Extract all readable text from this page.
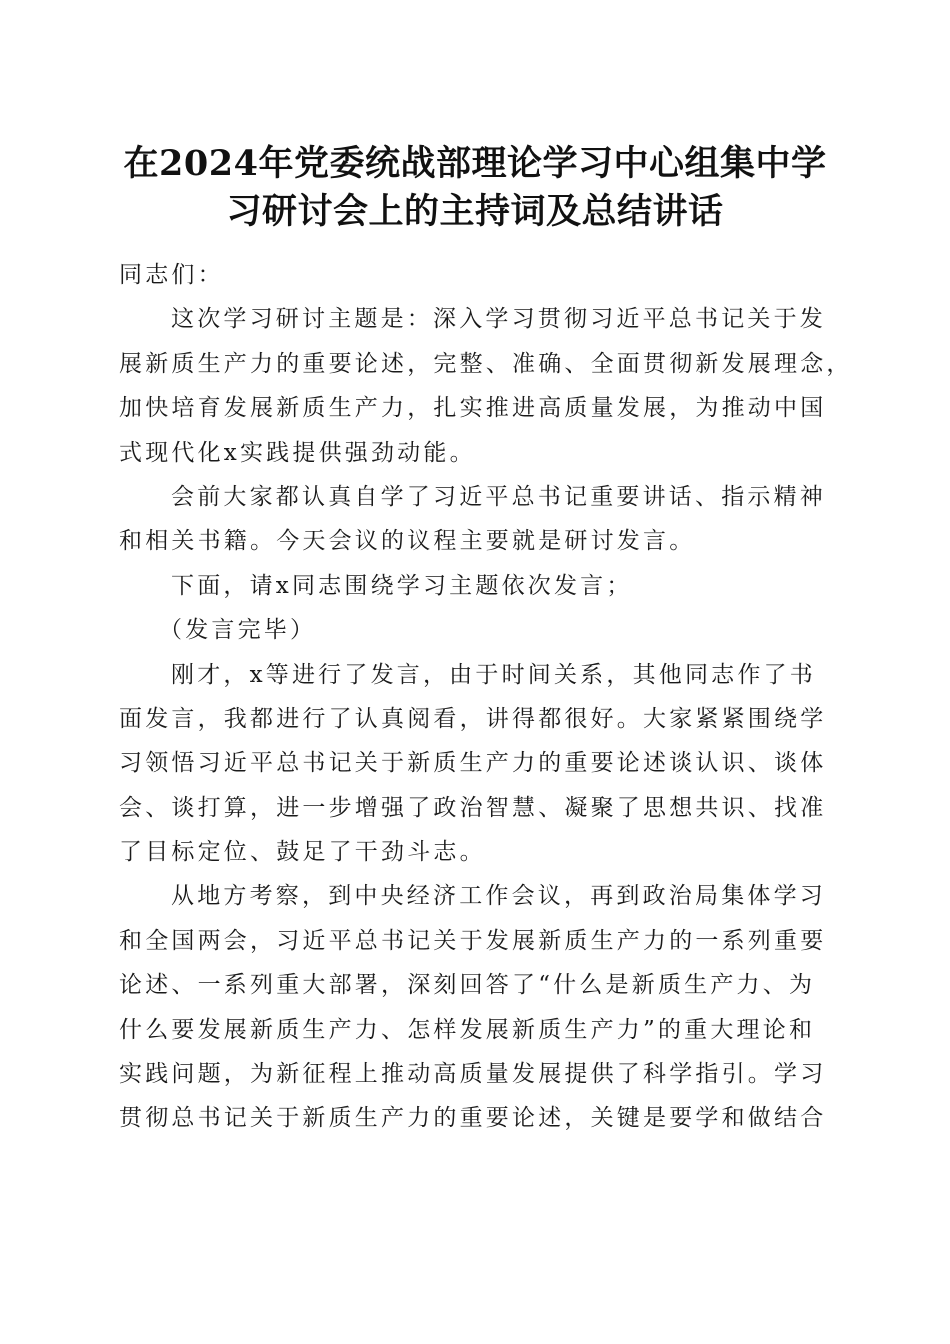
在2024年党委统战部理论学习中心组集中学
习研讨会上的主持词及总结讲话
同志们：
这次学习研讨主题是：深入学习贯彻习近平总书记关于发
展新质生产力的重要论述，完整、准确、全面贯彻新发展理念，
加快培育发展新质生产力，扎实推进高质量发展，为推动中国
式现代化x实践提供强劲动能。
会前大家都认真自学了习近平总书记重要讲话、指示精神
和相关书籍。今天会议的议程主要就是研讨发言。
下面，请x同志围绕学习主题依次发言；
（发言完毕）
刚才，x等进行了发言，由于时间关系，其他同志作了书
面发言，我都进行了认真阅看，讲得都很好。大家紧紧围绕学
习领悟习近平总书记关于新质生产力的重要论述谈认识、谈体
会、谈打算，进一步增强了政治智慧、凝聚了思想共识、找准
了目标定位、鼓足了干劲斗志。
从地方考察，到中央经济工作会议，再到政治局集体学习
和全国两会，习近平总书记关于发展新质生产力的一系列重要
论述、一系列重大部署，深刻回答了“什么是新质生产力、为
什么要发展新质生产力、怎样发展新质生产力”的重大理论和
实践问题，为新征程上推动高质量发展提供了科学指引。学习
贯彻总书记关于新质生产力的重要论述，关键是要学和做结合
